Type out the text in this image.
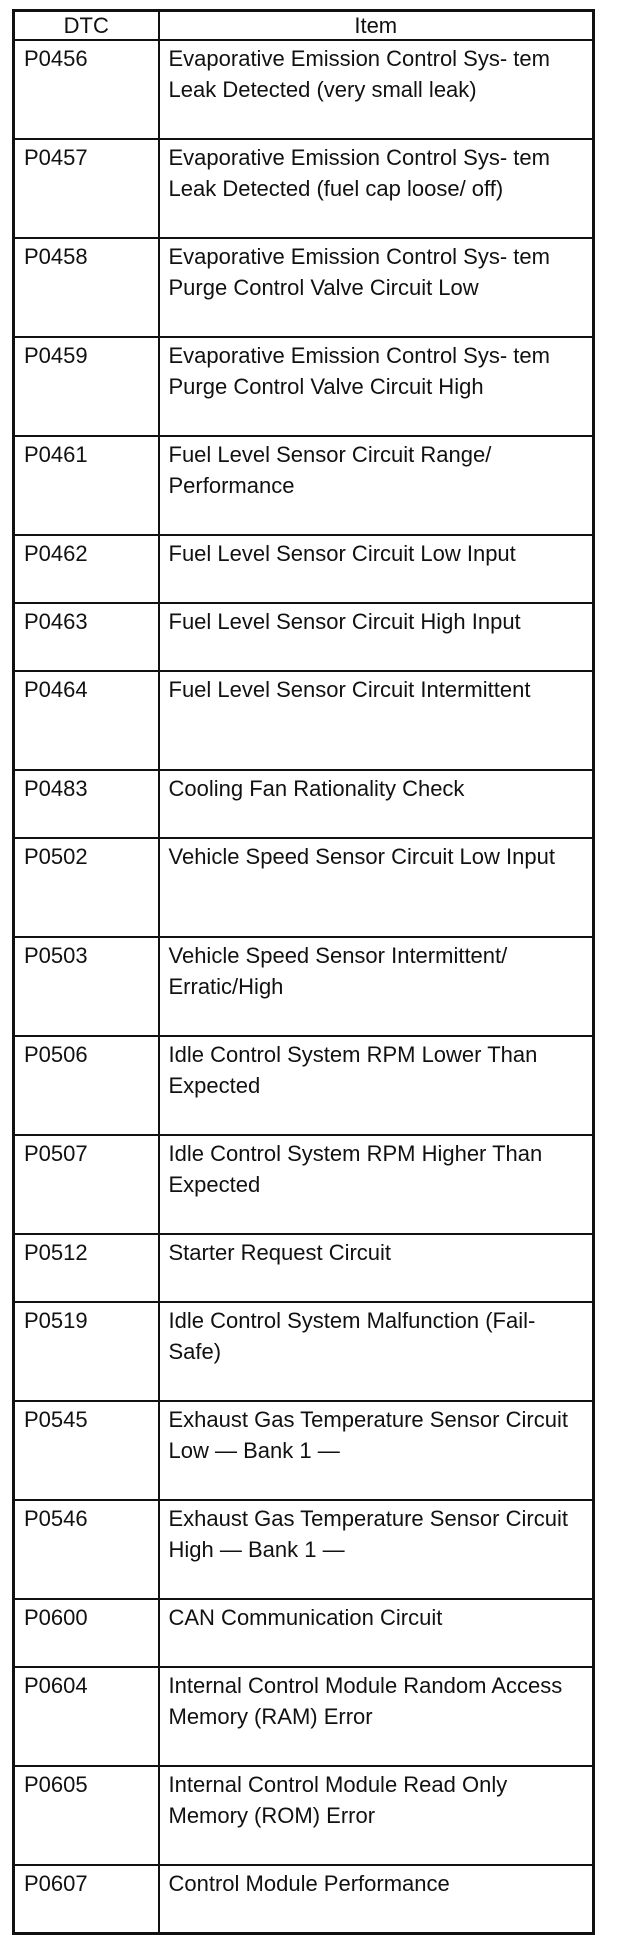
DTC	Item
P0456	Evaporative Emission Control Sys- tem Leak Detected (very small leak)
P0457	Evaporative Emission Control Sys- tem Leak Detected (fuel cap loose/ off)
P0458	Evaporative Emission Control Sys- tem Purge Control Valve Circuit Low
P0459	Evaporative Emission Control Sys- tem Purge Control Valve Circuit High
P0461	Fuel Level Sensor Circuit Range/ Performance
P0462	Fuel Level Sensor Circuit Low Input
P0463	Fuel Level Sensor Circuit High Input
P0464	Fuel Level Sensor Circuit Intermittent
P0483	Cooling Fan Rationality Check
P0502	Vehicle Speed Sensor Circuit Low Input
P0503	Vehicle Speed Sensor Intermittent/ Erratic/High
P0506	Idle Control System RPM Lower Than Expected
P0507	Idle Control System RPM Higher Than Expected
P0512	Starter Request Circuit
P0519	Idle Control System Malfunction (Fail-Safe)
P0545	Exhaust Gas Temperature Sensor Circuit Low — Bank 1 —
P0546	Exhaust Gas Temperature Sensor Circuit High — Bank 1 —
P0600	CAN Communication Circuit
P0604	Internal Control Module Random Access Memory (RAM) Error
P0605	Internal Control Module Read Only Memory (ROM) Error
P0607	Control Module Performance
